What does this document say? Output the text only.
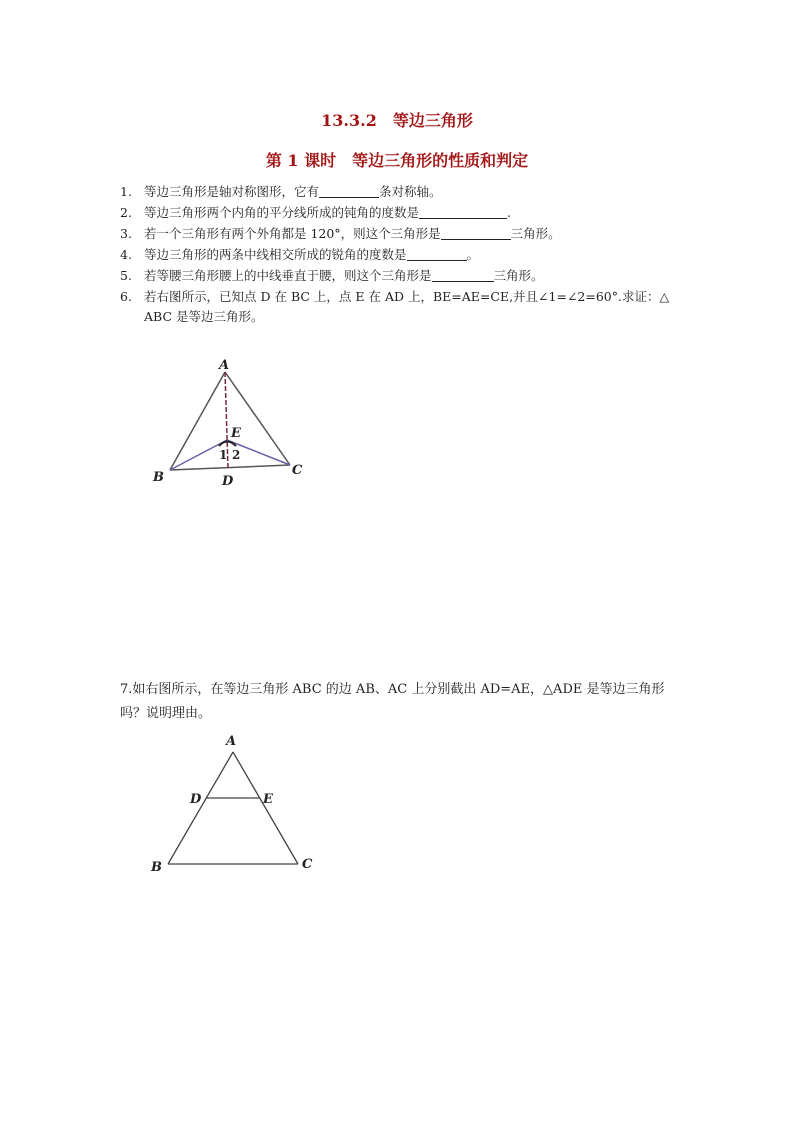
13.3.2　等边三角形
第 1 课时　等边三角形的性质和判定
1. 等边三角形是轴对称图形，它有	条对称轴。
2. 等边三角形两个内角的平分线所成的钝角的度数是	.
3. 若一个三角形有两个外角都是 120°，则这个三角形是	三角形。
4. 等边三角形的两条中线相交所成的锐角的度数是	。
5. 若等腰三角形腰上的中线垂直于腰，则这个三角形是	三角形。
6. 若右图所示，已知点 D 在 BC 上，点 E 在 AD 上，BE=AE=CE,并且∠1=∠2=60°.求证：△
ABC 是等边三角形。
A
B	C
D
E
1 2
7.如右图所示，在等边三角形 ABC 的边 AB、AC 上分别截出 AD=AE，△ADE 是等边三角形
吗？说明理由。
A
B	C
D	E
